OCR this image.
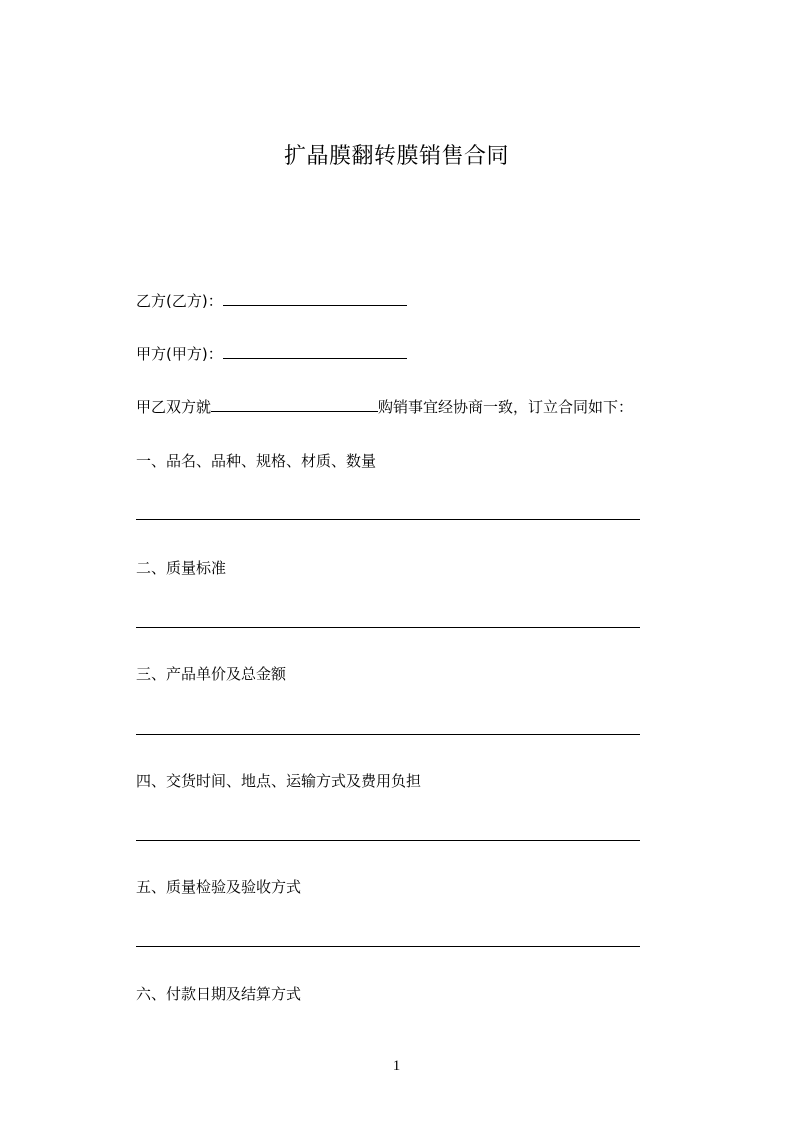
扩晶膜翻转膜销售合同
乙方(乙方)：
甲方(甲方)：
甲乙双方就	购销事宜经协商一致，订立合同如下：
一、品名、品种、规格、材质、数量
二、质量标准
三、产品单价及总金额
四、交货时间、地点、运输方式及费用负担
五、质量检验及验收方式
六、付款日期及结算方式
1
